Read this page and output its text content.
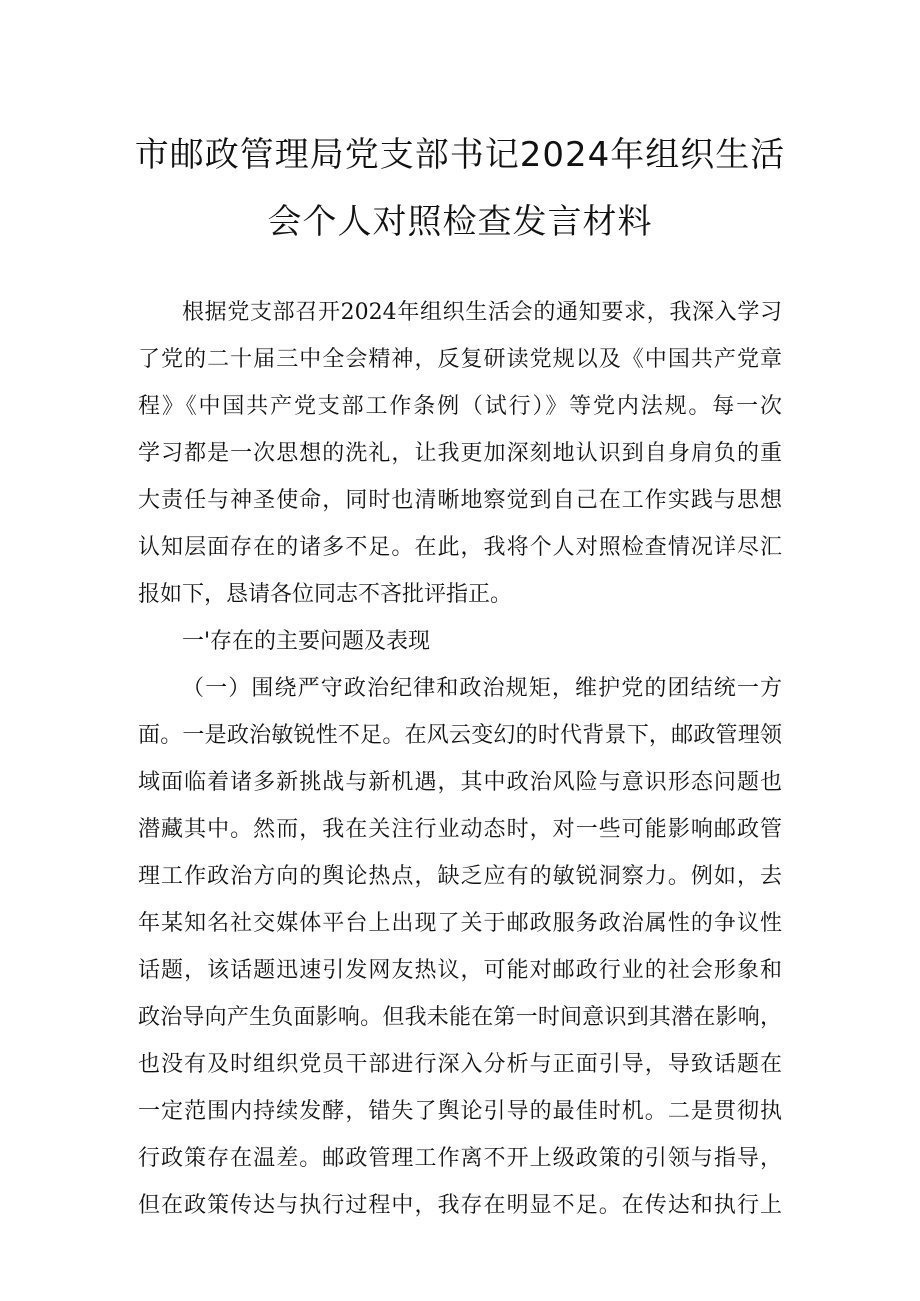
市邮政管理局党支部书记2024年组织生活
会个人对照检查发言材料
根据党支部召开2024年组织生活会的通知要求，我深入学习
了党的二十届三中全会精神，反复研读党规以及《中国共产党章
程》《中国共产党支部工作条例（试行）》等党内法规。每一次
学习都是一次思想的洗礼，让我更加深刻地认识到自身肩负的重
大责任与神圣使命，同时也清晰地察觉到自己在工作实践与思想
认知层面存在的诸多不足。在此，我将个人对照检查情况详尽汇
报如下，恳请各位同志不吝批评指正。
一'存在的主要问题及表现
（一）围绕严守政治纪律和政治规矩，维护党的团结统一方
面。一是政治敏锐性不足。在风云变幻的时代背景下，邮政管理领
域面临着诸多新挑战与新机遇，其中政治风险与意识形态问题也
潜藏其中。然而，我在关注行业动态时，对一些可能影响邮政管
理工作政治方向的舆论热点，缺乏应有的敏锐洞察力。例如，去
年某知名社交媒体平台上出现了关于邮政服务政治属性的争议性
话题，该话题迅速引发网友热议，可能对邮政行业的社会形象和
政治导向产生负面影响。但我未能在第一时间意识到其潜在影响，
也没有及时组织党员干部进行深入分析与正面引导，导致话题在
一定范围内持续发酵，错失了舆论引导的最佳时机。二是贯彻执
行政策存在温差。邮政管理工作离不开上级政策的引领与指导，
但在政策传达与执行过程中，我存在明显不足。在传达和执行上
